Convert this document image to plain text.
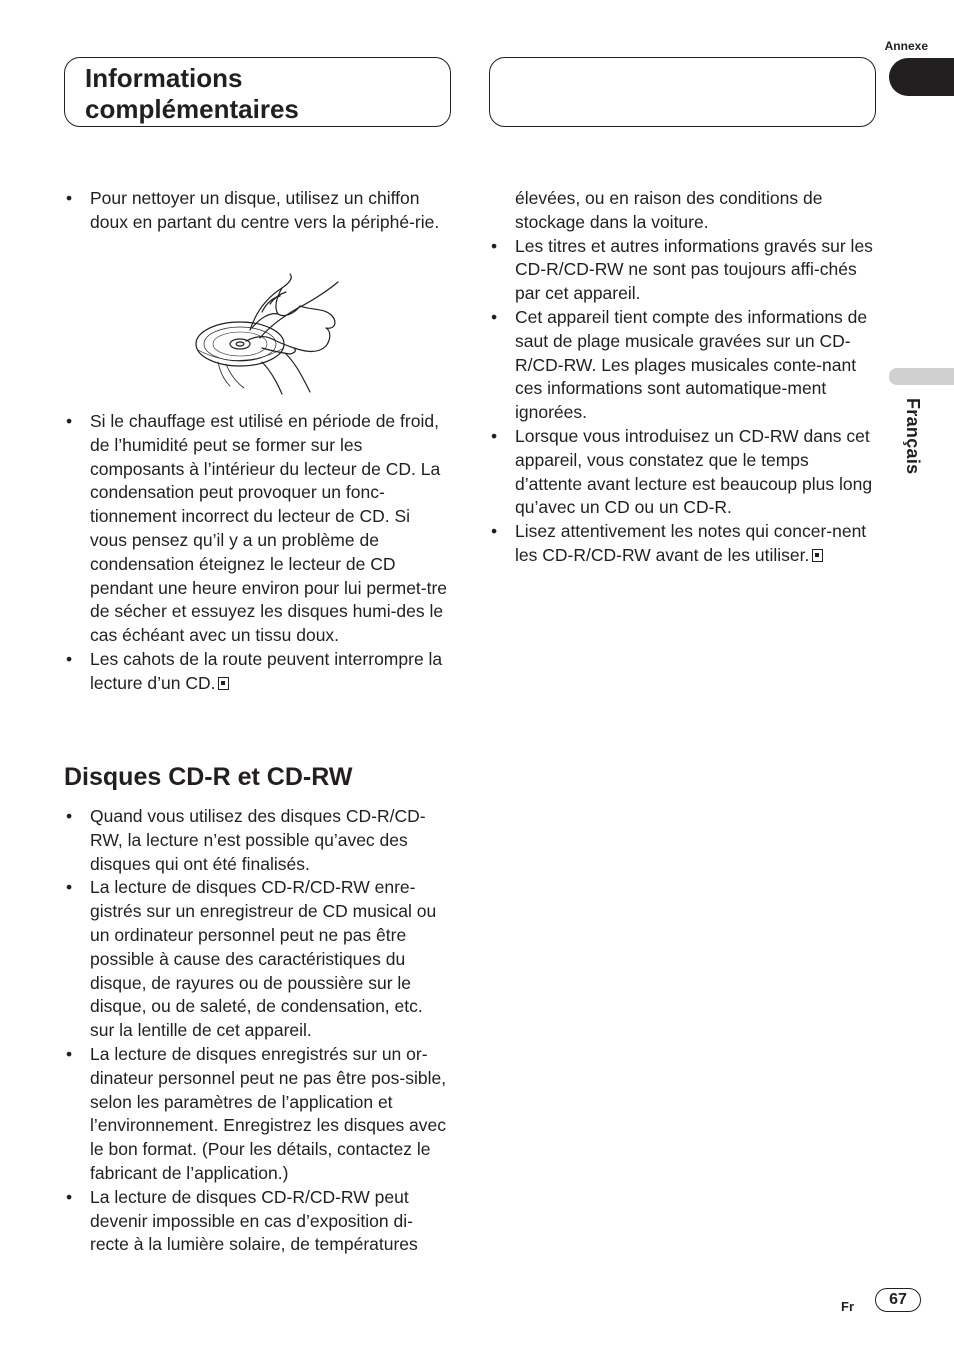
Annexe
Français
Informations complémentaires
• Pour nettoyer un disque, utilisez un chiffon doux en partant du centre vers la périphé-rie.
• Si le chauffage est utilisé en période de froid, de l’humidité peut se former sur les composants à l’intérieur du lecteur de CD. La condensation peut provoquer un fonc-tionnement incorrect du lecteur de CD. Si vous pensez qu’il y a un problème de condensation éteignez le lecteur de CD pendant une heure environ pour lui permet-tre de sécher et essuyez les disques humi-des le cas échéant avec un tissu doux.
• Les cahots de la route peuvent interrompre la lecture d’un CD.
Disques CD-R et CD-RW
• Quand vous utilisez des disques CD-R/CD-RW, la lecture n’est possible qu’avec des disques qui ont été finalisés.
• La lecture de disques CD-R/CD-RW enre-gistrés sur un enregistreur de CD musical ou un ordinateur personnel peut ne pas être possible à cause des caractéristiques du disque, de rayures ou de poussière sur le disque, ou de saleté, de condensation, etc. sur la lentille de cet appareil.
• La lecture de disques enregistrés sur un or-dinateur personnel peut ne pas être pos-sible, selon les paramètres de l’application et l’environnement. Enregistrez les disques avec le bon format. (Pour les détails, contactez le fabricant de l’application.)
• La lecture de disques CD-R/CD-RW peut devenir impossible en cas d’exposition di-recte à la lumière solaire, de températures
élevées, ou en raison des conditions de stockage dans la voiture.
• Les titres et autres informations gravés sur les CD-R/CD-RW ne sont pas toujours affi-chés par cet appareil.
• Cet appareil tient compte des informations de saut de plage musicale gravées sur un CD-R/CD-RW. Les plages musicales conte-nant ces informations sont automatique-ment ignorées.
• Lorsque vous introduisez un CD-RW dans cet appareil, vous constatez que le temps d’attente avant lecture est beaucoup plus long qu’avec un CD ou un CD-R.
• Lisez attentivement les notes qui concer-nent les CD-R/CD-RW avant de les utiliser.
Fr	67
